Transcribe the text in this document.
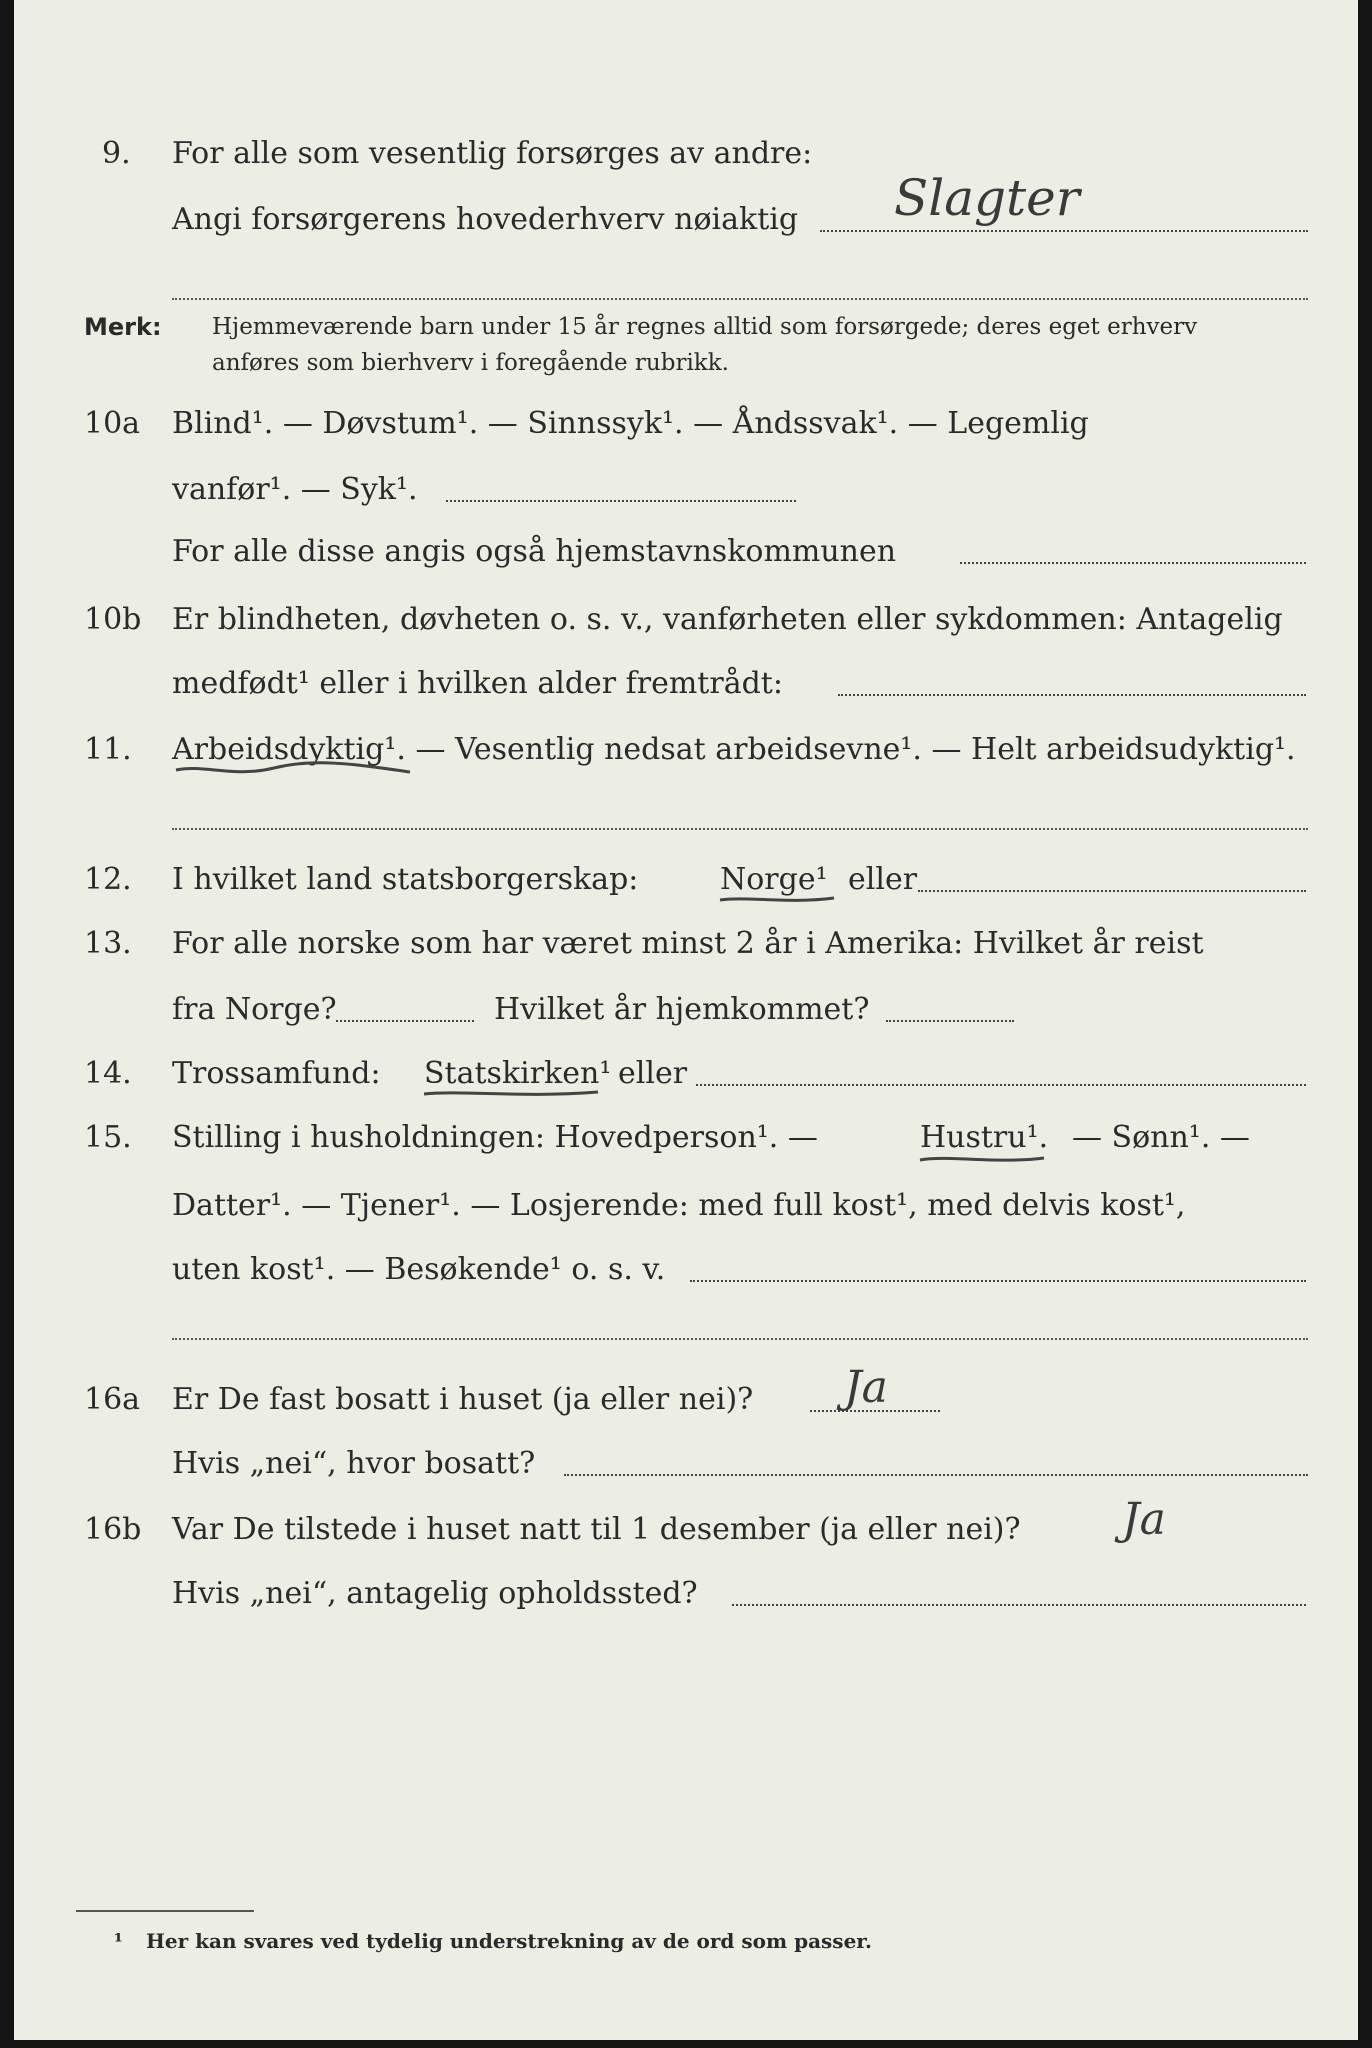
9.	For alle som vesentlig forsørges av andre:
Angi forsørgerens hovederhverv nøiaktig Slagter
Merk: Hjemmeværende barn under 15 år regnes alltid som forsørgede; deres eget erhverv
anføres som bierhverv i foregående rubrikk.
10a	Blind¹. — Døvstum¹. — Sinnssyk¹. — Åndssvak¹. — Legemlig
vanfør¹. — Syk¹.
For alle disse angis også hjemstavnskommunen
10b	Er blindheten, døvheten o. s. v., vanførheten eller sykdommen: Antagelig
medfødt¹ eller i hvilken alder fremtrådt:
11.	Arbeidsdyktig¹. — Vesentlig nedsat arbeidsevne¹. — Helt arbeidsudyktig¹.
12.	I hvilket land statsborgerskap:	Norge¹ eller
13.	For alle norske som har været minst 2 år i Amerika: Hvilket år reist
fra Norge?	Hvilket år hjemkommet?
14.	Trossamfund: Statskirken¹ eller
15.	Stilling i husholdningen: Hovedperson¹. —	Hustru¹. — Sønn¹. —
Datter¹. — Tjener¹. — Losjerende: med full kost¹, med delvis kost¹,
uten kost¹. — Besøkende¹ o. s. v.
16a	Er De fast bosatt i huset (ja eller nei)? Ja
Hvis „nei“, hvor bosatt?
16b	Var De tilstede i huset natt til 1 desember (ja eller nei)? Ja
Hvis „nei“, antagelig opholdssted?
¹ Her kan svares ved tydelig understrekning av de ord som passer.
